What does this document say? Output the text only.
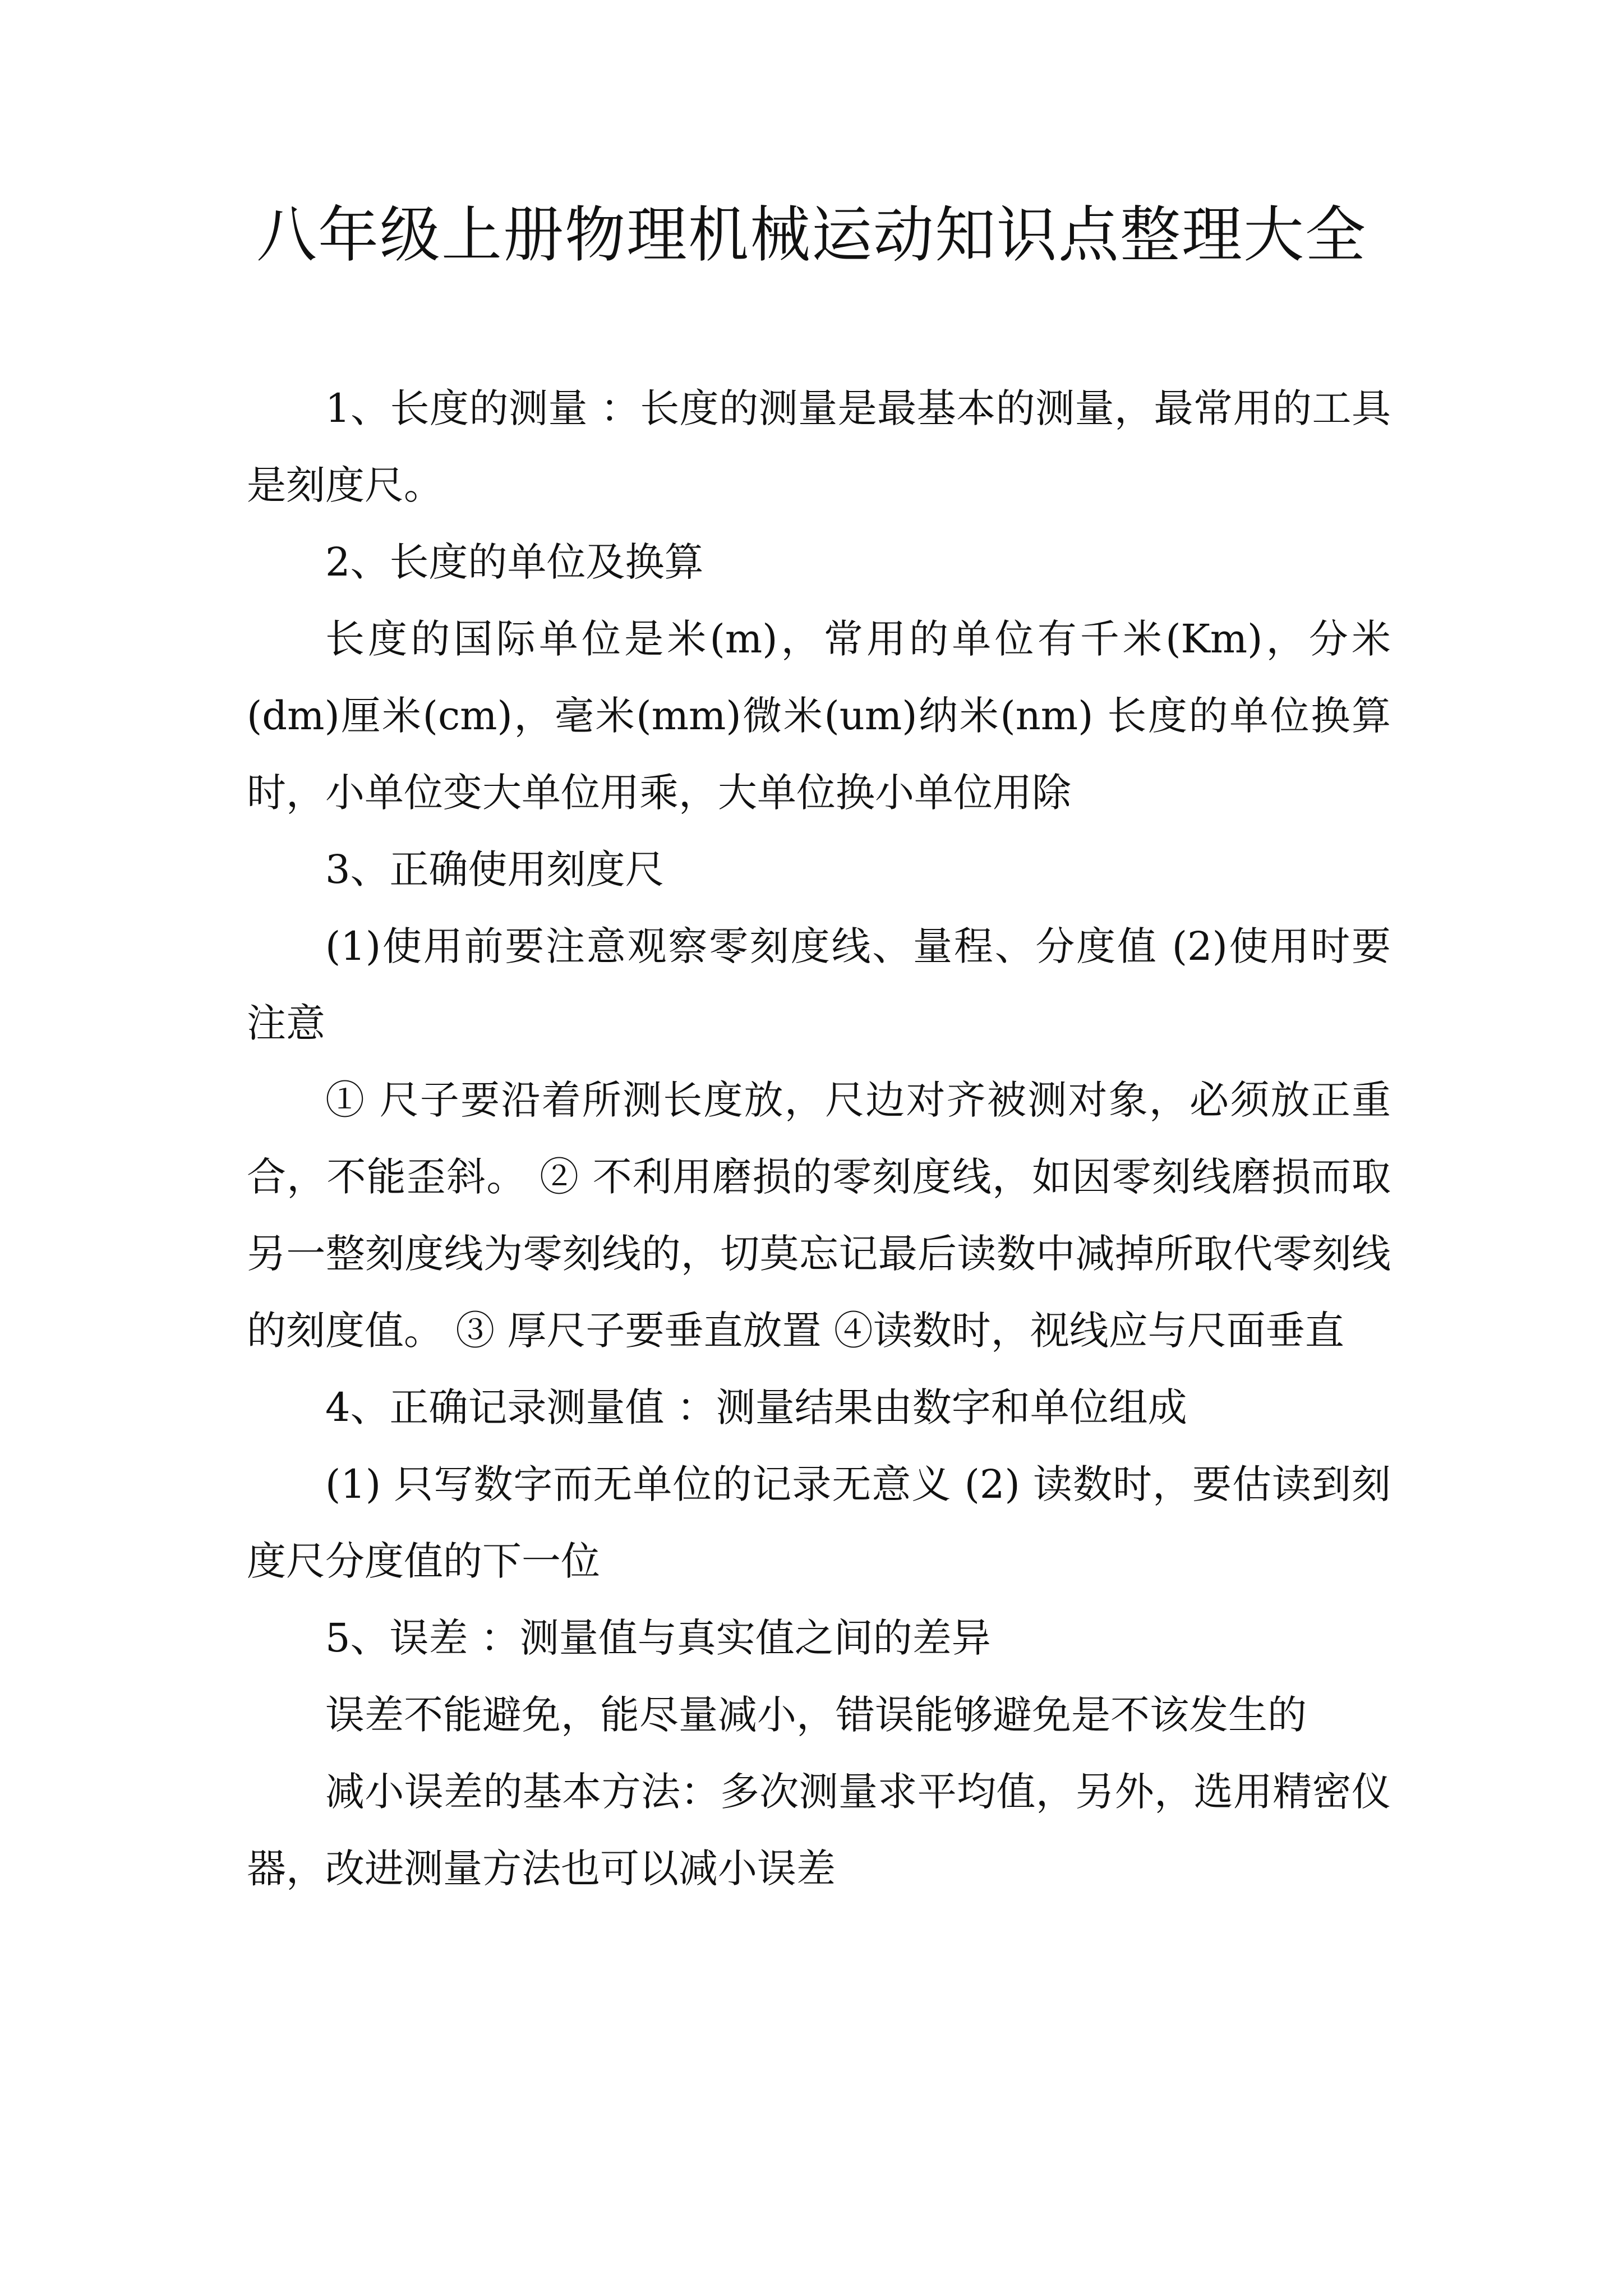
八年级上册物理机械运动知识点整理大全

1、长度的测量 ：长度的测量是最基本的测量，最常用的工具是刻度尺。

2、长度的单位及换算

长度的国际单位是米(m)，常用的单位有千米(Km)，分米(dm)厘米(cm)，毫米(mm)微米(um)纳米(nm) 长度的单位换算时，小单位变大单位用乘，大单位换小单位用除

3、正确使用刻度尺

(1)使用前要注意观察零刻度线、量程、分度值 (2)使用时要注意

① 尺子要沿着所测长度放，尺边对齐被测对象，必须放正重合，不能歪斜。 ② 不利用磨损的零刻度线，如因零刻线磨损而取另一整刻度线为零刻线的，切莫忘记最后读数中减掉所取代零刻线的刻度值。 ③ 厚尺子要垂直放置 ④读数时，视线应与尺面垂直

4、正确记录测量值 ：测量结果由数字和单位组成

(1) 只写数字而无单位的记录无意义 (2) 读数时，要估读到刻度尺分度值的下一位

5、误差 ：测量值与真实值之间的差异

误差不能避免，能尽量减小，错误能够避免是不该发生的

减小误差的基本方法：多次测量求平均值，另外，选用精密仪器，改进测量方法也可以减小误差
